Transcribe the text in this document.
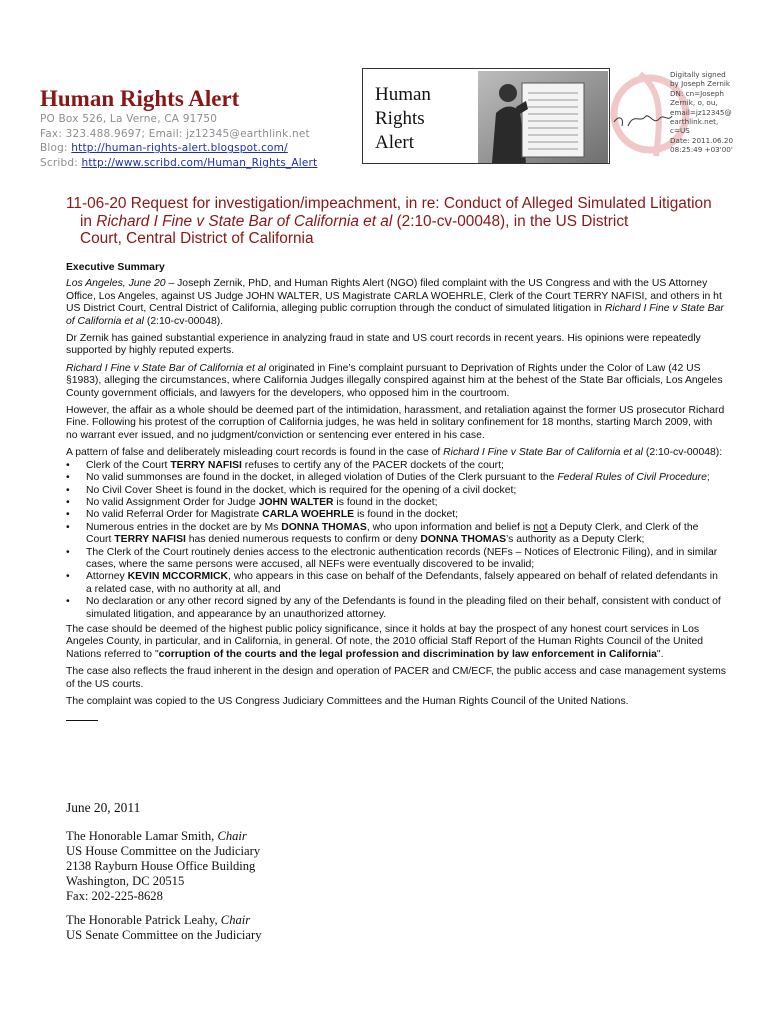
Human Rights Alert
PO Box 526, La Verne, CA 91750
Fax: 323.488.9697; Email: jz12345@earthlink.net
Blog: http://human-rights-alert.blogspot.com/
Scribd: http://www.scribd.com/Human_Rights_Alert
Human
Rights
Alert
Digitally signed
by Joseph Zernik
DN: cn=Joseph
Zernik, o, ou,
email=jz12345@
earthlink.net,
c=US
Date: 2011.06.20
08:25:49 +03'00'
11-06-20 Request for investigation/impeachment, in re: Conduct of Alleged Simulated Litigation
in Richard I Fine v State Bar of California et al (2:10-cv-00048), in the US District
Court, Central District of California

Executive Summary

Los Angeles, June 20 – Joseph Zernik, PhD, and Human Rights Alert (NGO) filed complaint with the US Congress and with the US Attorney Office, Los Angeles, against US Judge JOHN WALTER, US Magistrate CARLA WOEHRLE, Clerk of the Court TERRY NAFISI, and others in ht US District Court, Central District of California, alleging public corruption through the conduct of simulated litigation in Richard I Fine v State Bar of California et al (2:10-cv-00048).

Dr Zernik has gained substantial experience in analyzing fraud in state and US court records in recent years. His opinions were repeatedly supported by highly reputed experts.

Richard I Fine v State Bar of California et al originated in Fine’s complaint pursuant to Deprivation of Rights under the Color of Law (42 US §1983), alleging the circumstances, where California Judges illegally conspired against him at the behest of the State Bar officials, Los Angeles County government officials, and lawyers for the developers, who opposed him in the courtroom.

However, the affair as a whole should be deemed part of the intimidation, harassment, and retaliation against the former US prosecutor Richard Fine. Following his protest of the corruption of California judges, he was held in solitary confinement for 18 months, starting March 2009, with no warrant ever issued, and no judgment/conviction or sentencing ever entered in his case.

A pattern of false and deliberately misleading court records is found in the case of Richard I Fine v State Bar of California et al (2:10-cv-00048):

• Clerk of the Court TERRY NAFISI refuses to certify any of the PACER dockets of the court;
• No valid summonses are found in the docket, in alleged violation of Duties of the Clerk pursuant to the Federal Rules of Civil Procedure;
• No Civil Cover Sheet is found in the docket, which is required for the opening of a civil docket;
• No valid Assignment Order for Judge JOHN WALTER is found in the docket;
• No valid Referral Order for Magistrate CARLA WOEHRLE is found in the docket;
• Numerous entries in the docket are by Ms DONNA THOMAS, who upon information and belief is not a Deputy Clerk, and Clerk of the Court TERRY NAFISI has denied numerous requests to confirm or deny DONNA THOMAS’s authority as a Deputy Clerk;
• The Clerk of the Court routinely denies access to the electronic authentication records (NEFs – Notices of Electronic Filing), and in similar cases, where the same persons were accused, all NEFs were eventually discovered to be invalid;
• Attorney KEVIN MCCORMICK, who appears in this case on behalf of the Defendants, falsely appeared on behalf of related defendants in a related case, with no authority at all, and
• No declaration or any other record signed by any of the Defendants is found in the pleading filed on their behalf, consistent with conduct of simulated litigation, and appearance by an unauthorized attorney.

The case should be deemed of the highest public policy significance, since it holds at bay the prospect of any honest court services in Los Angeles County, in particular, and in California, in general. Of note, the 2010 official Staff Report of the Human Rights Council of the United Nations referred to "corruption of the courts and the legal profession and discrimination by law enforcement in California".

The case also reflects the fraud inherent in the design and operation of PACER and CM/ECF, the public access and case management systems of the US courts.

The complaint was copied to the US Congress Judiciary Committees and the Human Rights Council of the United Nations.

June 20, 2011
The Honorable Lamar Smith, Chair
US House Committee on the Judiciary
2138 Rayburn House Office Building
Washington, DC 20515
Fax: 202-225-8628
The Honorable Patrick Leahy, Chair
US Senate Committee on the Judiciary
